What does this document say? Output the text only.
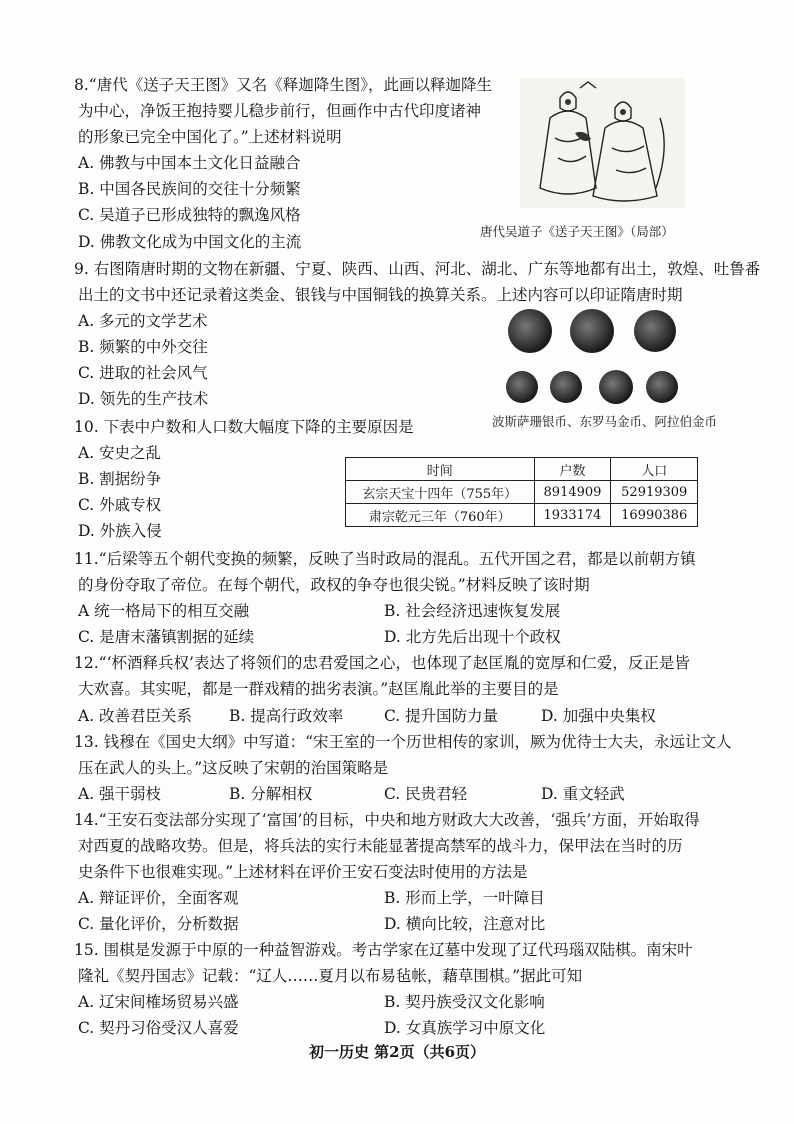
8.“唐代《送子天王图》又名《释迦降生图》，此画以释迦降生
为中心，净饭王抱持婴儿稳步前行，但画作中古代印度诸神
的形象已完全中国化了。”上述材料说明
A. 佛教与中国本土文化日益融合
B. 中国各民族间的交往十分频繁
C. 吴道子已形成独特的飘逸风格
D. 佛教文化成为中国文化的主流
唐代吴道子《送子天王图》（局部）
9. 右图隋唐时期的文物在新疆、宁夏、陕西、山西、河北、湖北、广东等地都有出土，敦煌、吐鲁番
出土的文书中还记录着这类金、银钱与中国铜钱的换算关系。上述内容可以印证隋唐时期
A. 多元的文学艺术
B. 频繁的中外交往
C. 进取的社会风气
D. 领先的生产技术
波斯萨珊银币、东罗马金币、阿拉伯金币
10. 下表中户数和人口数大幅度下降的主要原因是
A. 安史之乱
B. 割据纷争
C. 外戚专权
D. 外族入侵
时间	户数	人口
玄宗天宝十四年（755年）	8914909	52919309
肃宗乾元三年（760年）	1933174	16990386
11.“后梁等五个朝代变换的频繁，反映了当时政局的混乱。五代开国之君，都是以前朝方镇
的身份夺取了帝位。在每个朝代，政权的争夺也很尖锐。”材料反映了该时期
A 统一格局下的相互交融	B. 社会经济迅速恢复发展
C. 是唐末藩镇割据的延续	D. 北方先后出现十个政权
12.“‘杯酒释兵权’表达了将领们的忠君爱国之心，也体现了赵匡胤的宽厚和仁爱，反正是皆
大欢喜。其实呢，都是一群戏精的拙劣表演。”赵匡胤此举的主要目的是
A. 改善君臣关系 B. 提高行政效率	C. 提升国防力量	D. 加强中央集权
13. 钱穆在《国史大纲》中写道：“宋王室的一个历世相传的家训，厥为优待士大夫，永远让文人
压在武人的头上。”这反映了宋朝的治国策略是
A. 强干弱枝	B. 分解相权	C. 民贵君轻	D. 重文轻武
14.“王安石变法部分实现了‘富国’的目标，中央和地方财政大大改善，‘强兵’方面，开始取得
对西夏的战略攻势。但是，将兵法的实行未能显著提高禁军的战斗力，保甲法在当时的历
史条件下也很难实现。”上述材料在评价王安石变法时使用的方法是
A. 辩证评价，全面客观	B. 形而上学，一叶障目
C. 量化评价，分析数据	D. 横向比较，注意对比
15. 围棋是发源于中原的一种益智游戏。考古学家在辽墓中发现了辽代玛瑙双陆棋。南宋叶
隆礼《契丹国志》记载：“辽人……夏月以布易毡帐，藉草围棋。”据此可知
A. 辽宋间榷场贸易兴盛	B. 契丹族受汉文化影响
C. 契丹习俗受汉人喜爱	D. 女真族学习中原文化
初一历史 第2页（共6页）
